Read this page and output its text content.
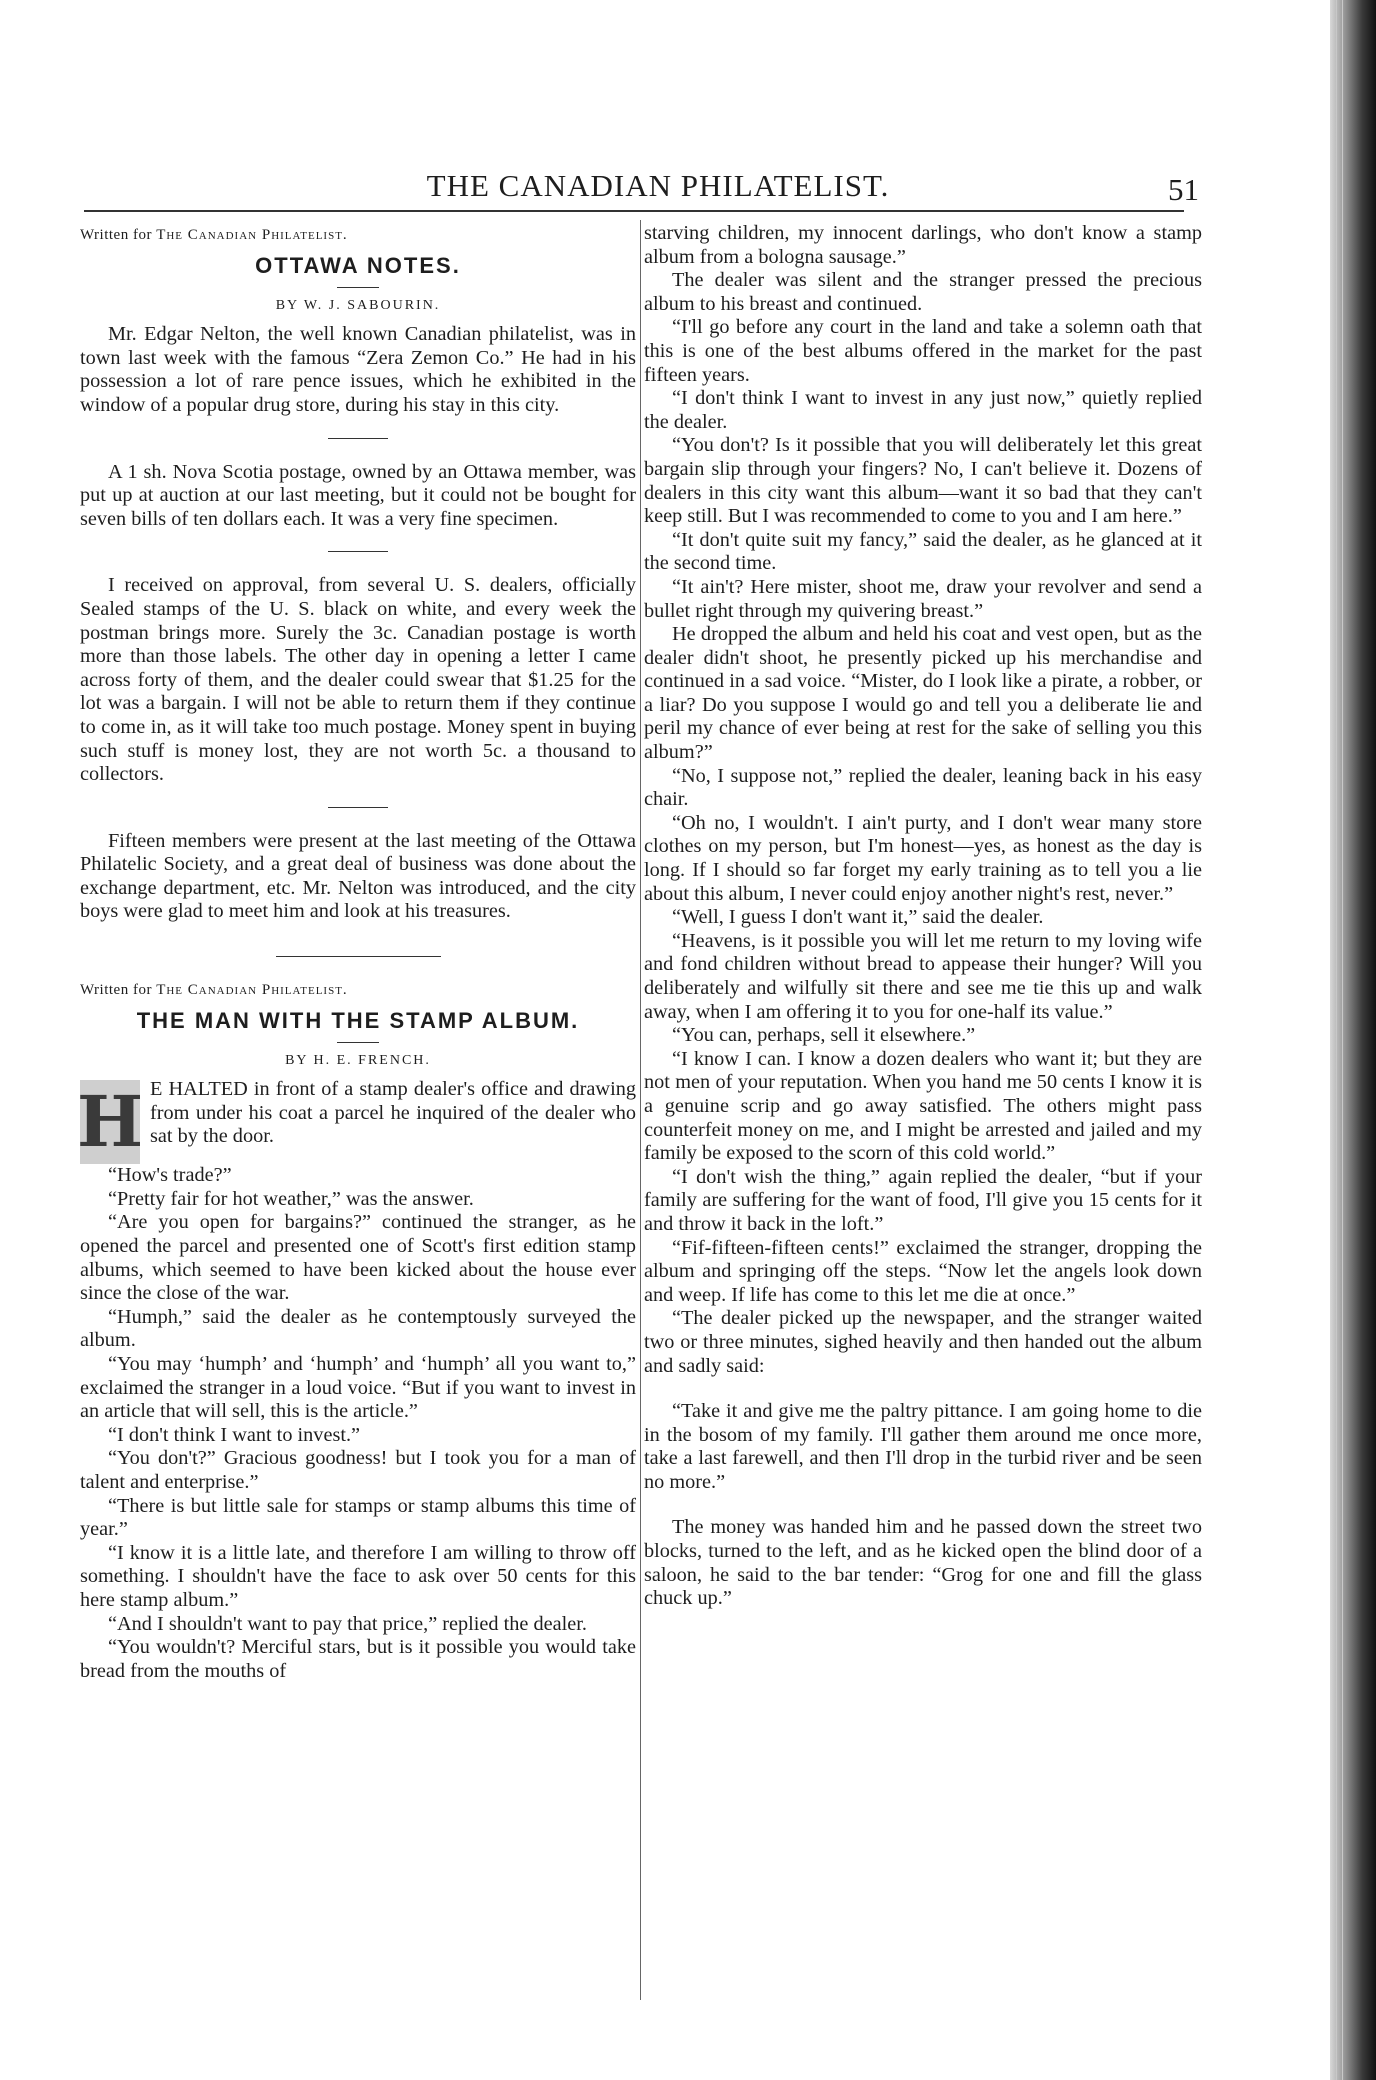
THE CANADIAN PHILATELIST.	51
Written for The Canadian Philatelist.
OTTAWA NOTES.
BY W. J. SABOURIN.

Mr. Edgar Nelton, the well known Canadian philatelist, was in town last week with the famous “Zera Zemon Co.” He had in his possession a lot of rare pence issues, which he exhibited in the window of a popular drug store, during his stay in this city.

A 1 sh. Nova Scotia postage, owned by an Ottawa member, was put up at auction at our last meeting, but it could not be bought for seven bills of ten dollars each. It was a very fine specimen.

I received on approval, from several U. S. dealers, officially Sealed stamps of the U. S. black on white, and every week the postman brings more. Surely the 3c. Canadian postage is worth more than those labels. The other day in opening a letter I came across forty of them, and the dealer could swear that $1.25 for the lot was a bargain. I will not be able to return them if they continue to come in, as it will take too much postage. Money spent in buying such stuff is money lost, they are not worth 5c. a thousand to collectors.

Fifteen members were present at the last meeting of the Ottawa Philatelic Society, and a great deal of business was done about the exchange department, etc. Mr. Nelton was introduced, and the city boys were glad to meet him and look at his treasures.

Written for The Canadian Philatelist.
THE MAN WITH THE STAMP ALBUM.
BY H. E. FRENCH.
H E HALTED in front of a stamp dealer's office and drawing from under his coat a parcel he inquired of the dealer who sat by the door.

“How's trade?”

“Pretty fair for hot weather,” was the answer.

“Are you open for bargains?” continued the stranger, as he opened the parcel and presented one of Scott's first edition stamp albums, which seemed to have been kicked about the house ever since the close of the war.

“Humph,” said the dealer as he contemptously surveyed the album.

“You may ‘humph’ and ‘humph’ and ‘humph’ all you want to,” exclaimed the stranger in a loud voice. “But if you want to invest in an article that will sell, this is the article.”

“I don't think I want to invest.”

“You don't?” Gracious goodness! but I took you for a man of talent and enterprise.”

“There is but little sale for stamps or stamp albums this time of year.”

“I know it is a little late, and therefore I am willing to throw off something. I shouldn't have the face to ask over 50 cents for this here stamp album.”

“And I shouldn't want to pay that price,” replied the dealer.

“You wouldn't? Merciful stars, but is it possible you would take bread from the mouths of

starving children, my innocent darlings, who don't know a stamp album from a bologna sausage.”

The dealer was silent and the stranger pressed the precious album to his breast and continued.

“I'll go before any court in the land and take a solemn oath that this is one of the best albums offered in the market for the past fifteen years.

“I don't think I want to invest in any just now,” quietly replied the dealer.

“You don't? Is it possible that you will deliberately let this great bargain slip through your fingers? No, I can't believe it. Dozens of dealers in this city want this album—want it so bad that they can't keep still. But I was recommended to come to you and I am here.”

“It don't quite suit my fancy,” said the dealer, as he glanced at it the second time.

“It ain't? Here mister, shoot me, draw your revolver and send a bullet right through my quivering breast.”

He dropped the album and held his coat and vest open, but as the dealer didn't shoot, he presently picked up his merchandise and continued in a sad voice. “Mister, do I look like a pirate, a robber, or a liar? Do you suppose I would go and tell you a deliberate lie and peril my chance of ever being at rest for the sake of selling you this album?”

“No, I suppose not,” replied the dealer, leaning back in his easy chair.

“Oh no, I wouldn't. I ain't purty, and I don't wear many store clothes on my person, but I'm honest—yes, as honest as the day is long. If I should so far forget my early training as to tell you a lie about this album, I never could enjoy another night's rest, never.”

“Well, I guess I don't want it,” said the dealer.

“Heavens, is it possible you will let me return to my loving wife and fond children without bread to appease their hunger? Will you deliberately and wilfully sit there and see me tie this up and walk away, when I am offering it to you for one-half its value.”

“You can, perhaps, sell it elsewhere.”

“I know I can. I know a dozen dealers who want it; but they are not men of your reputation. When you hand me 50 cents I know it is a genuine scrip and go away satisfied. The others might pass counterfeit money on me, and I might be arrested and jailed and my family be exposed to the scorn of this cold world.”

“I don't wish the thing,” again replied the dealer, “but if your family are suffering for the want of food, I'll give you 15 cents for it and throw it back in the loft.”

“Fif-fifteen-fifteen cents!” exclaimed the stranger, dropping the album and springing off the steps. “Now let the angels look down and weep. If life has come to this let me die at once.”

“The dealer picked up the newspaper, and the stranger waited two or three minutes, sighed heavily and then handed out the album and sadly said:

“Take it and give me the paltry pittance. I am going home to die in the bosom of my family. I'll gather them around me once more, take a last farewell, and then I'll drop in the turbid river and be seen no more.”

The money was handed him and he passed down the street two blocks, turned to the left, and as he kicked open the blind door of a saloon, he said to the bar tender: “Grog for one and fill the glass chuck up.”
